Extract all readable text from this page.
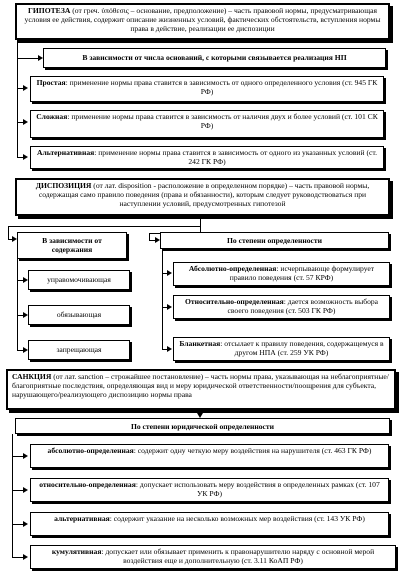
ГИПОТЕЗА (от греч. ὑπόθεσις – основание, предположение) – часть правовой нормы, предусматривающая условия ее действия, содержит описание жизненных условий, фактических обстоятельств, вступления нормы права в действие, реализации ее диспозиции
В зависимости от числа оснований, с которыми связывается реализация НП
Простая: применение нормы права ставится в зависимость от одного определенного условия (ст. 945 ГК РФ)
Сложная: применение нормы права ставится в зависимость от наличия двух и более условий (ст. 101 СК РФ)
Альтернативная: применение нормы права ставится в зависимость от одного из указанных условий (ст. 242 ГК РФ)
ДИСПОЗИЦИЯ (от лат. disposition - расположение в определенном порядке) – часть правовой нормы, содержащая само правило поведения (права и обязанности), которым следует руководствоваться при наступлении условий, предусмотренных гипотезой
В зависимости от содержания
управомочивающая
обязывающая
запрещающая
По степени определенности
Абсолютно-определенная: исчерпывающе формулирует правило поведения (ст. 57 КРФ)
Относительно-определенная: дается возможность выбора своего поведения (ст. 503 ГК РФ)
Бланкетная: отсылает к правилу поведения, содержащемуся в другом НПА (ст. 259 УК РФ)
САНКЦИЯ (от лат. sanction – строжайшее постановление) – часть нормы права, указывающая на неблагоприятные/благоприятные последствия, определяющая вид и меру юридической ответственности/поощрения для субъекта, нарушающего/реализующего диспозицию нормы права
По степени юридической определенности
абсолютно-определенная: содержит одну четкую меру воздействия на нарушителя (ст. 463 ГК РФ)
относительно-определенная: допускает использовать меру воздействия в определенных рамках (ст. 107 УК РФ)
альтернативная: содержит указание на несколько возможных мер воздействия (ст. 143 УК РФ)
кумулятивная: допускает или обязывает применить к правонарушителю наряду с основной мерой воздействия еще и дополнительную (ст. 3.11 КоАП РФ)
